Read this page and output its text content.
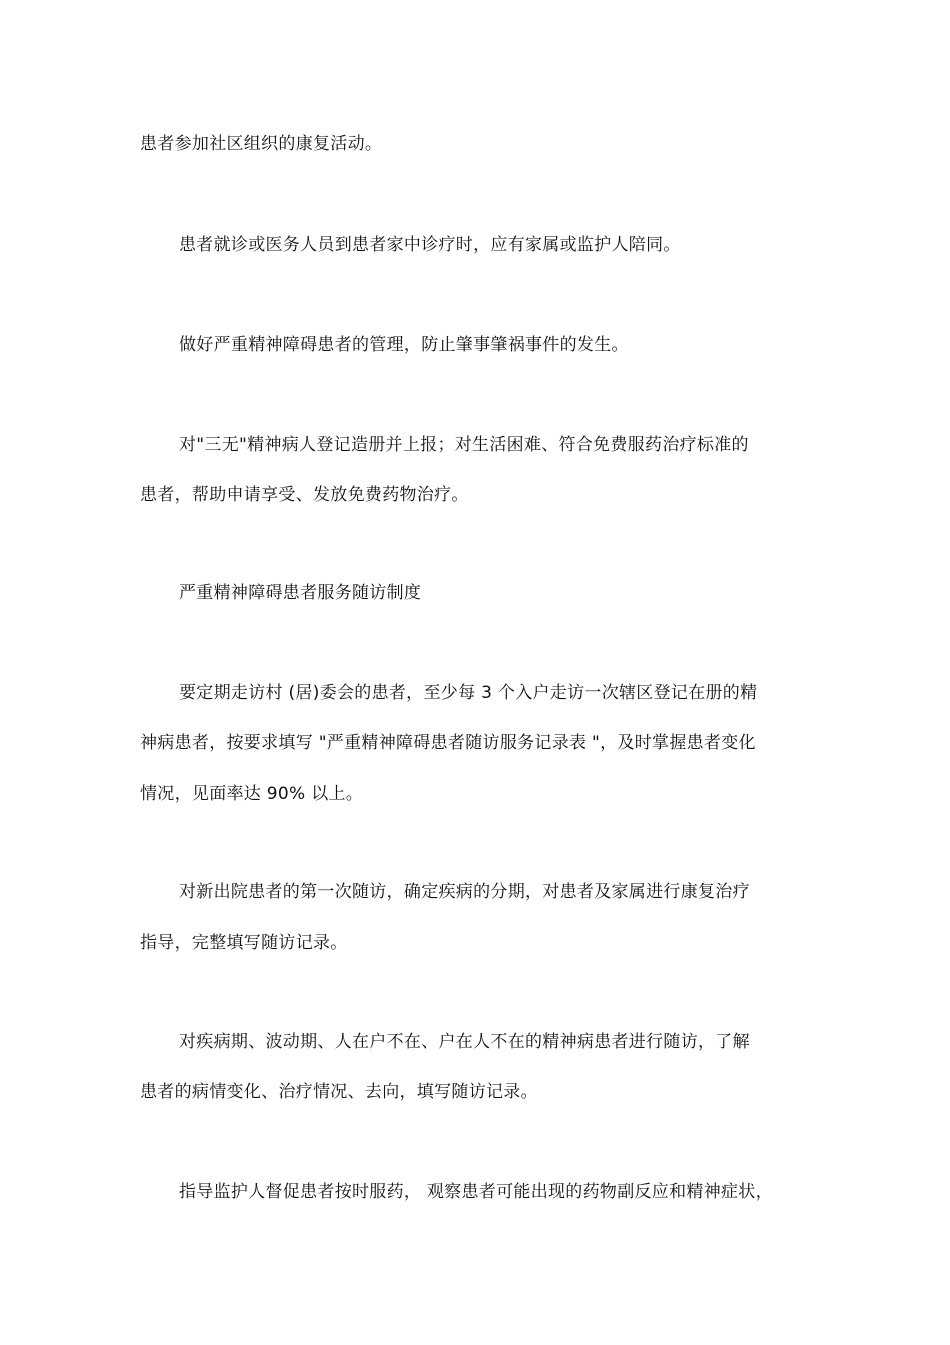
患者参加社区组织的康复活动。

患者就诊或医务人员到患者家中诊疗时，应有家属或监护人陪同。

做好严重精神障碍患者的管理，防止肇事肇祸事件的发生。

对"三无"精神病人登记造册并上报；对生活困难、符合免费服药治疗标准的

患者，帮助申请享受、发放免费药物治疗。

严重精神障碍患者服务随访制度

要定期走访村 (居)委会的患者，至少每 3 个入户走访一次辖区登记在册的精

神病患者，按要求填写 "严重精神障碍患者随访服务记录表 "，及时掌握患者变化

情况，见面率达 90% 以上。

对新出院患者的第一次随访，确定疾病的分期，对患者及家属进行康复治疗

指导，完整填写随访记录。

对疾病期、波动期、人在户不在、户在人不在的精神病患者进行随访，了解

患者的病情变化、治疗情况、去向，填写随访记录。

指导监护人督促患者按时服药， 观察患者可能出现的药物副反应和精神症状，
